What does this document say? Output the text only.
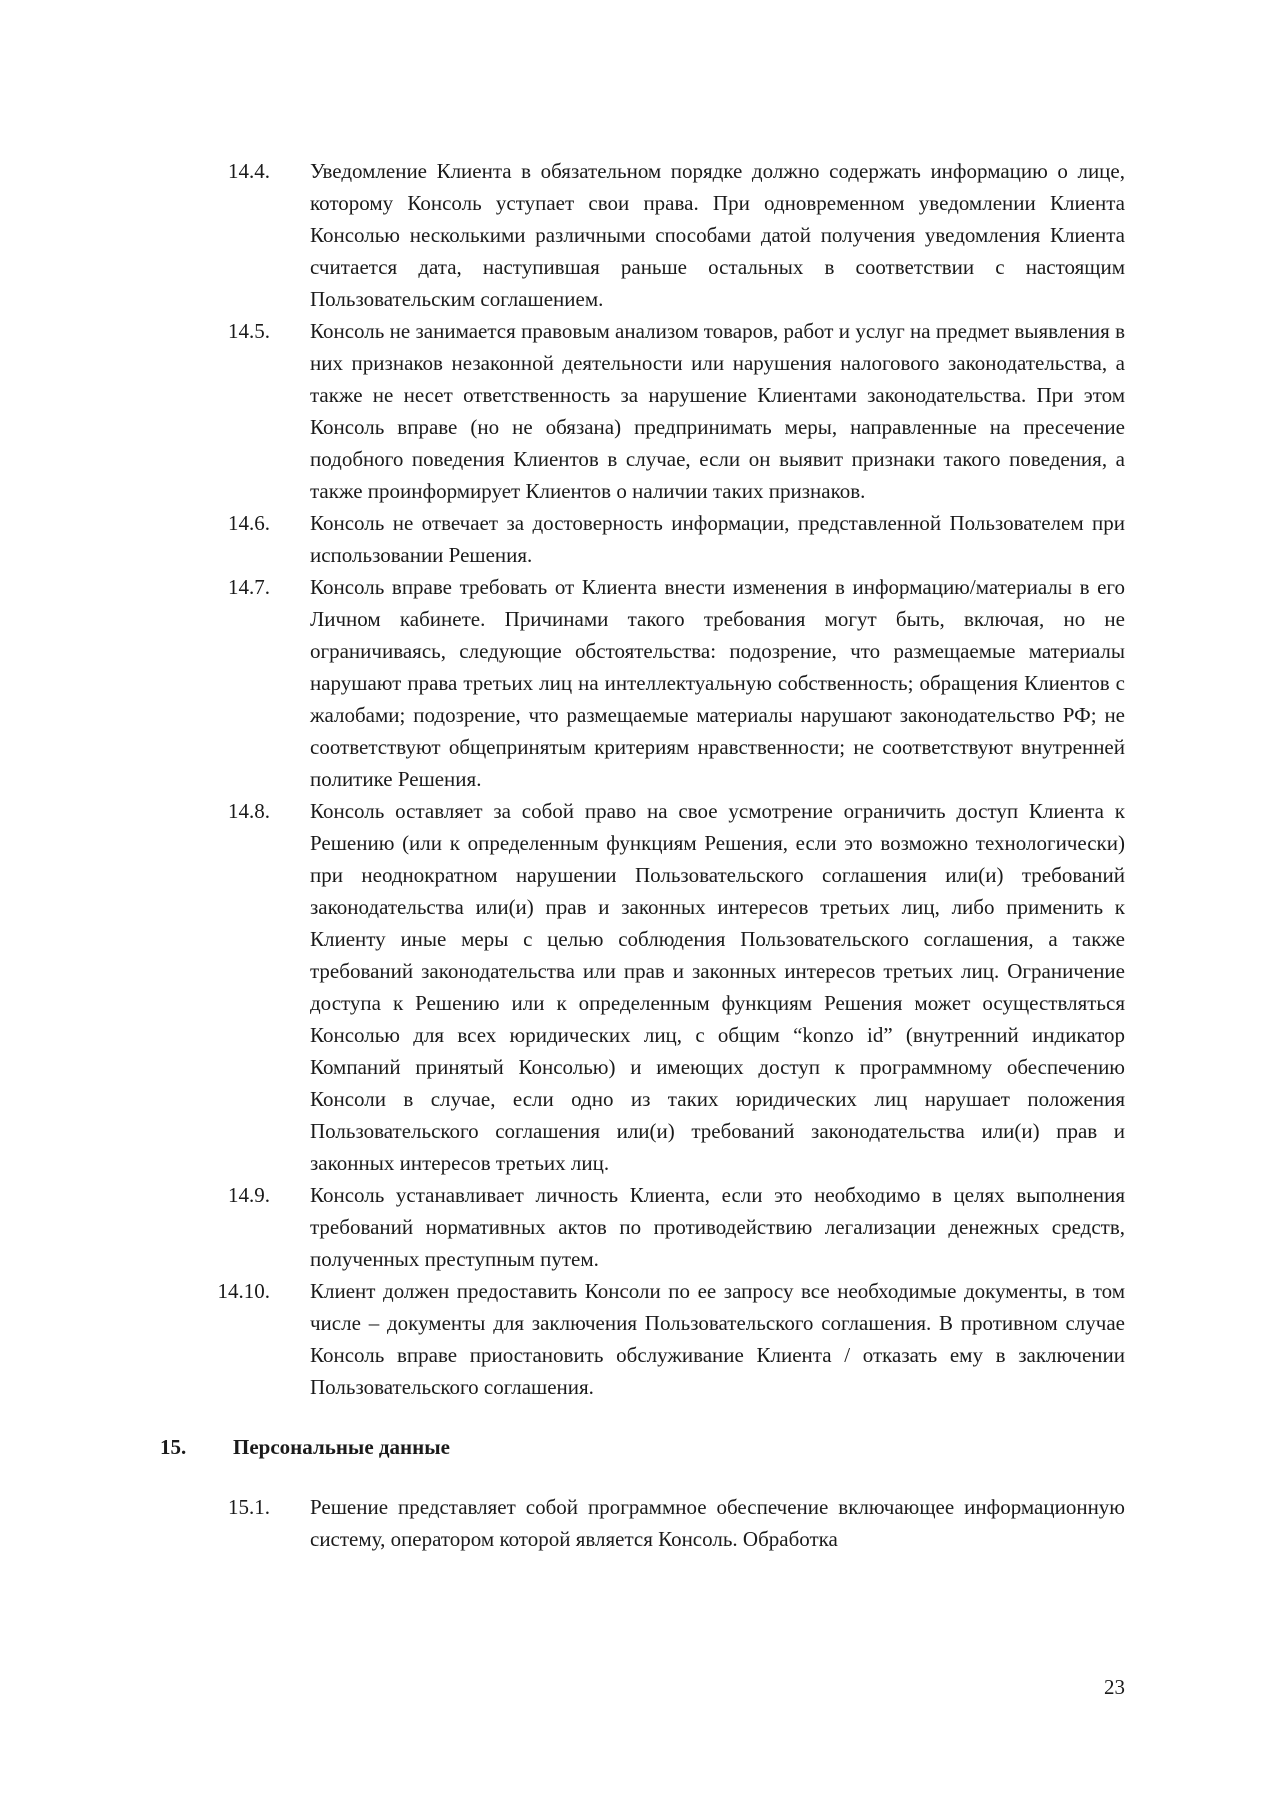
14.4. Уведомление Клиента в обязательном порядке должно содержать информацию о лице, которому Консоль уступает свои права. При одновременном уведомлении Клиента Консолью несколькими различными способами датой получения уведомления Клиента считается дата, наступившая раньше остальных в соответствии с настоящим Пользовательским соглашением.
14.5. Консоль не занимается правовым анализом товаров, работ и услуг на предмет выявления в них признаков незаконной деятельности или нарушения налогового законодательства, а также не несет ответственность за нарушение Клиентами законодательства. При этом Консоль вправе (но не обязана) предпринимать меры, направленные на пресечение подобного поведения Клиентов в случае, если он выявит признаки такого поведения, а также проинформирует Клиентов о наличии таких признаков.
14.6. Консоль не отвечает за достоверность информации, представленной Пользователем при использовании Решения.
14.7. Консоль вправе требовать от Клиента внести изменения в информацию/материалы в его Личном кабинете. Причинами такого требования могут быть, включая, но не ограничиваясь, следующие обстоятельства: подозрение, что размещаемые материалы нарушают права третьих лиц на интеллектуальную собственность; обращения Клиентов с жалобами; подозрение, что размещаемые материалы нарушают законодательство РФ; не соответствуют общепринятым критериям нравственности; не соответствуют внутренней политике Решения.
14.8. Консоль оставляет за собой право на свое усмотрение ограничить доступ Клиента к Решению (или к определенным функциям Решения, если это возможно технологически) при неоднократном нарушении Пользовательского соглашения или(и) требований законодательства или(и) прав и законных интересов третьих лиц, либо применить к Клиенту иные меры с целью соблюдения Пользовательского соглашения, а также требований законодательства или прав и законных интересов третьих лиц. Ограничение доступа к Решению или к определенным функциям Решения может осуществляться Консолью для всех юридических лиц, с общим “konzo id” (внутренний индикатор Компаний принятый Консолью) и имеющих доступ к программному обеспечению Консоли в случае, если одно из таких юридических лиц нарушает положения Пользовательского соглашения или(и) требований законодательства или(и) прав и законных интересов третьих лиц.
14.9. Консоль устанавливает личность Клиента, если это необходимо в целях выполнения требований нормативных актов по противодействию легализации денежных средств, полученных преступным путем.
14.10. Клиент должен предоставить Консоли по ее запросу все необходимые документы, в том числе – документы для заключения Пользовательского соглашения. В противном случае Консоль вправе приостановить обслуживание Клиента / отказать ему в заключении Пользовательского соглашения.
15. Персональные данные
15.1. Решение представляет собой программное обеспечение включающее информационную систему, оператором которой является Консоль. Обработка
23
